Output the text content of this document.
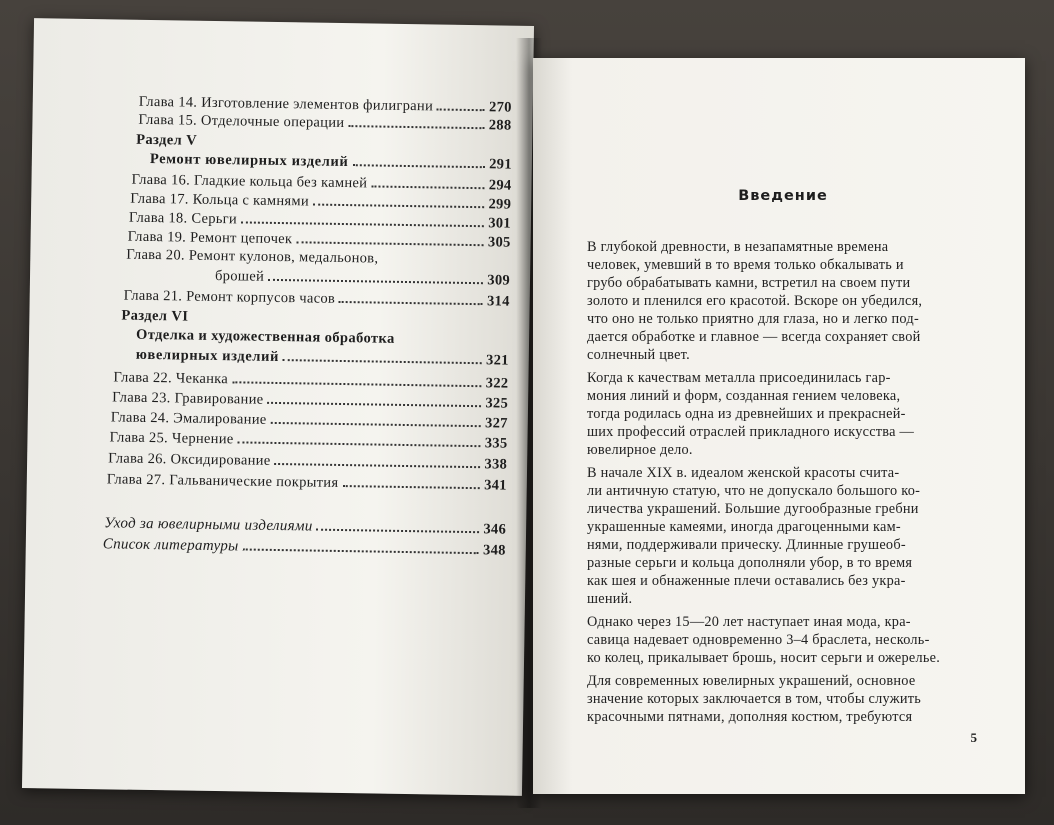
Глава 14. Изготовление элементов филиграни	270
Глава 15. Отделочные операции	288
Раздел V
Ремонт ювелирных изделий	291
Глава 16. Гладкие кольца без камней	294
Глава 17. Кольца с камнями	299
Глава 18. Серьги	301
Глава 19. Ремонт цепочек	305
Глава 20. Ремонт кулонов, медальонов,
брошей	309
Глава 21. Ремонт корпусов часов	314
Раздел VI
Отделка и художественная обработка
ювелирных изделий	321
Глава 22. Чеканка	322
Глава 23. Гравирование	325
Глава 24. Эмалирование	327
Глава 25. Чернение	335
Глава 26. Оксидирование	338
Глава 27. Гальванические покрытия	341
Уход за ювелирными изделиями	346
Список литературы	348
Введение
В глубокой древности, в незапамятные времена
человек, умевший в то время только обкалывать и
грубо обрабатывать камни, встретил на своем пути
золото и пленился его красотой. Вскоре он убедился,
что оно не только приятно для глаза, но и легко под-
дается обработке и главное — всегда сохраняет свой
солнечный цвет.
Когда к качествам металла присоединилась гар-
мония линий и форм, созданная гением человека,
тогда родилась одна из древнейших и прекрасней-
ших профессий отраслей прикладного искусства —
ювелирное дело.
В начале XIX в. идеалом женской красоты счита-
ли античную статую, что не допускало большого ко-
личества украшений. Большие дугообразные гребни
украшенные камеями, иногда драгоценными кам-
нями, поддерживали прическу. Длинные грушеоб-
разные серьги и кольца дополняли убор, в то время
как шея и обнаженные плечи оставались без укра-
шений.
Однако через 15—20 лет наступает иная мода, кра-
савица надевает одновременно 3–4 браслета, несколь-
ко колец, прикалывает брошь, носит серьги и ожерелье.
Для современных ювелирных украшений, основное
значение которых заключается в том, чтобы служить
красочными пятнами, дополняя костюм, требуются
5
